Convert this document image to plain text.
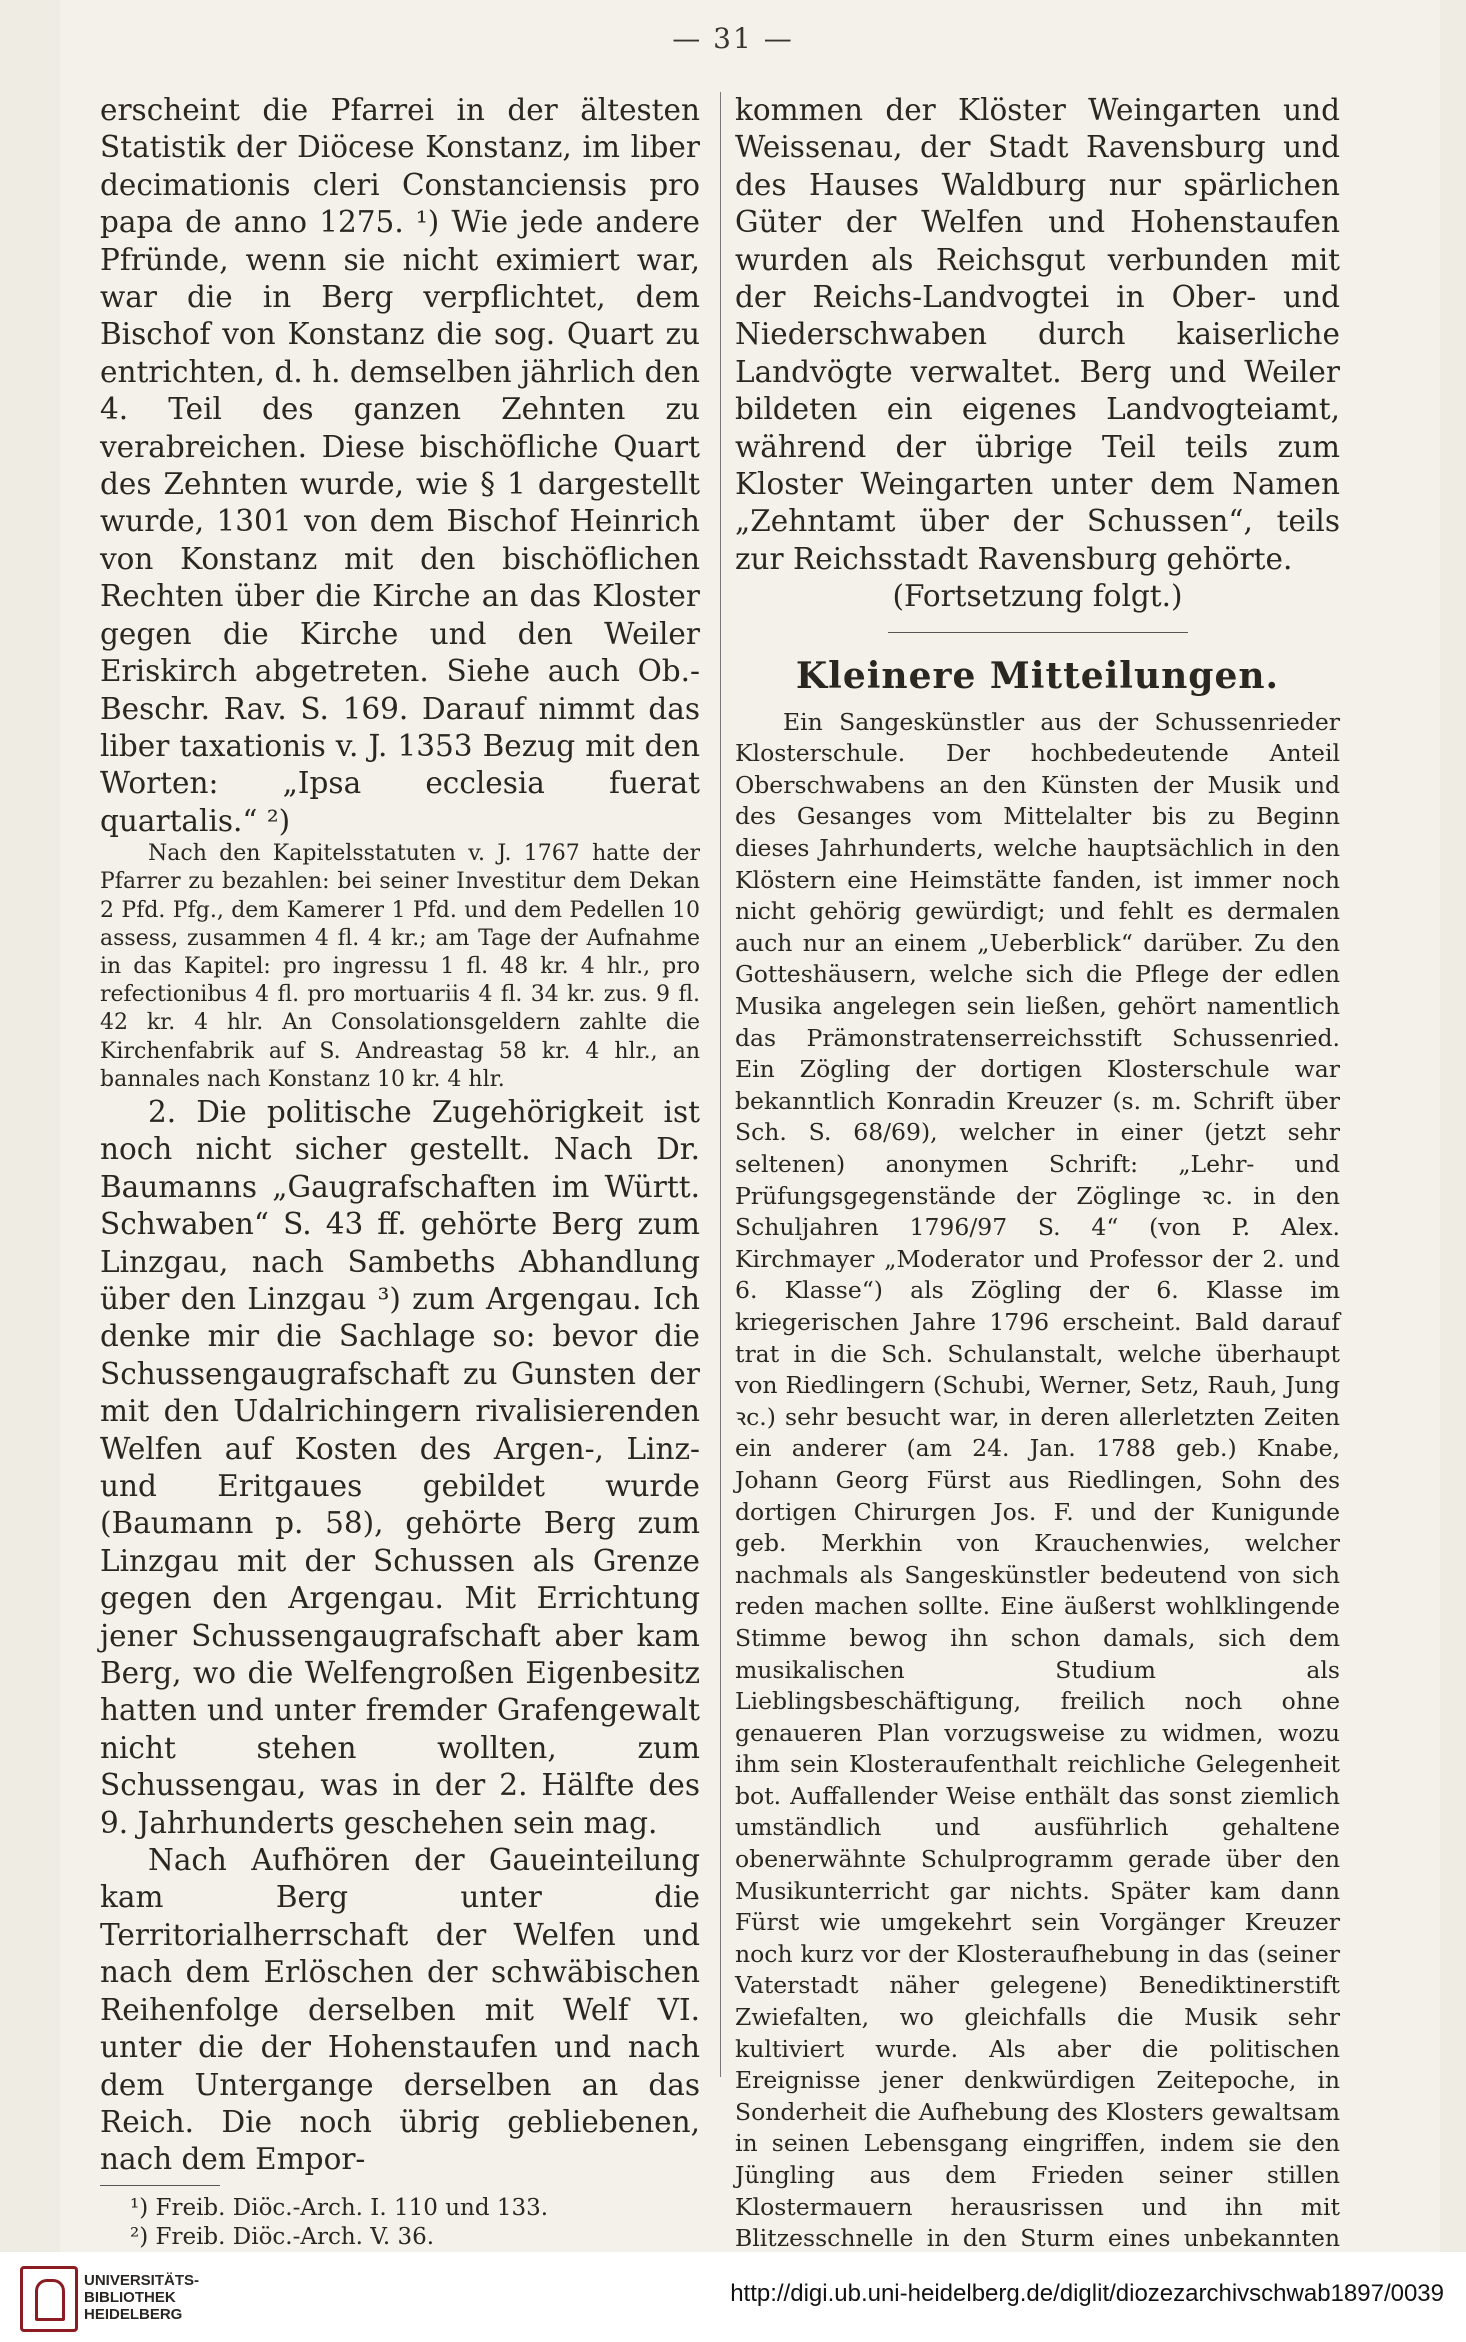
— 31 —

erscheint die Pfarrei in der ältesten Statistik der Diöcese Konstanz, im liber decimationis cleri Constanciensis pro papa de anno 1275. ¹) Wie jede andere Pfründe, wenn sie nicht eximiert war, war die in Berg verpflichtet, dem Bischof von Konstanz die sog. Quart zu entrichten, d. h. demselben jährlich den 4. Teil des ganzen Zehnten zu verabreichen. Diese bischöfliche Quart des Zehnten wurde, wie § 1 dargestellt wurde, 1301 von dem Bischof Heinrich von Konstanz mit den bischöflichen Rechten über die Kirche an das Kloster gegen die Kirche und den Weiler Eriskirch abgetreten. Siehe auch Ob.-Beschr. Rav. S. 169. Darauf nimmt das liber taxationis v. J. 1353 Bezug mit den Worten: „Ipsa ecclesia fuerat quartalis.“ ²)

Nach den Kapitelsstatuten v. J. 1767 hatte der Pfarrer zu bezahlen: bei seiner Investitur dem Dekan 2 Pfd. Pfg., dem Kamerer 1 Pfd. und dem Pedellen 10 assess, zusammen 4 fl. 4 kr.; am Tage der Aufnahme in das Kapitel: pro ingressu 1 fl. 48 kr. 4 hlr., pro refectionibus 4 fl. pro mortuariis 4 fl. 34 kr. zus. 9 fl. 42 kr. 4 hlr. An Consolationsgeldern zahlte die Kirchenfabrik auf S. Andreastag 58 kr. 4 hlr., an bannales nach Konstanz 10 kr. 4 hlr.

2. Die politische Zugehörigkeit ist noch nicht sicher gestellt. Nach Dr. Baumanns „Gaugrafschaften im Württ. Schwaben“ S. 43 ff. gehörte Berg zum Linzgau, nach Sambeths Abhandlung über den Linzgau ³) zum Argengau. Ich denke mir die Sachlage so: bevor die Schussengaugrafschaft zu Gunsten der mit den Udalrichingern rivalisierenden Welfen auf Kosten des Argen-, Linz- und Eritgaues gebildet wurde (Baumann p. 58), gehörte Berg zum Linzgau mit der Schussen als Grenze gegen den Argengau. Mit Errichtung jener Schussengaugrafschaft aber kam Berg, wo die Welfengroßen Eigenbesitz hatten und unter fremder Grafengewalt nicht stehen wollten, zum Schussengau, was in der 2. Hälfte des 9. Jahrhunderts geschehen sein mag.

Nach Aufhören der Gaueinteilung kam Berg unter die Territorialherrschaft der Welfen und nach dem Erlöschen der schwäbischen Reihenfolge derselben mit Welf VI. unter die der Hohenstaufen und nach dem Untergange derselben an das Reich. Die noch übrig gebliebenen, nach dem Empor-

¹) Freib. Diöc.-Arch. I. 110 und 133.
²) Freib. Diöc.-Arch. V. 36.

kommen der Klöster Weingarten und Weissenau, der Stadt Ravensburg und des Hauses Waldburg nur spärlichen Güter der Welfen und Hohenstaufen wurden als Reichsgut verbunden mit der Reichs-Landvogtei in Ober- und Niederschwaben durch kaiserliche Landvögte verwaltet. Berg und Weiler bildeten ein eigenes Landvogteiamt, während der übrige Teil teils zum Kloster Weingarten unter dem Namen „Zehntamt über der Schussen“, teils zur Reichsstadt Ravensburg gehörte.

(Fortsetzung folgt.)

Kleinere Mitteilungen.

Ein Sangeskünstler aus der Schussenrieder Klosterschule. Der hochbedeutende Anteil Oberschwabens an den Künsten der Musik und des Gesanges vom Mittelalter bis zu Beginn dieses Jahrhunderts, welche hauptsächlich in den Klöstern eine Heimstätte fanden, ist immer noch nicht gehörig gewürdigt; und fehlt es dermalen auch nur an einem „Ueberblick“ darüber. Zu den Gotteshäusern, welche sich die Pflege der edlen Musika angelegen sein ließen, gehört namentlich das Prämonstratenserreichsstift Schussenried. Ein Zögling der dortigen Klosterschule war bekanntlich Konradin Kreuzer (s. m. Schrift über Sch. S. 68/69), welcher in einer (jetzt sehr seltenen) anonymen Schrift: „Lehr- und Prüfungsgegenstände der Zöglinge ꝛc. in den Schuljahren 1796/97 S. 4“ (von P. Alex. Kirchmayer „Moderator und Professor der 2. und 6. Klasse“) als Zögling der 6. Klasse im kriegerischen Jahre 1796 erscheint. Bald darauf trat in die Sch. Schulanstalt, welche überhaupt von Riedlingern (Schubi, Werner, Setz, Rauh, Jung ꝛc.) sehr besucht war, in deren allerletzten Zeiten ein anderer (am 24. Jan. 1788 geb.) Knabe, Johann Georg Fürst aus Riedlingen, Sohn des dortigen Chirurgen Jos. F. und der Kunigunde geb. Merkhin von Krauchenwies, welcher nachmals als Sangeskünstler bedeutend von sich reden machen sollte. Eine äußerst wohlklingende Stimme bewog ihn schon damals, sich dem musikalischen Studium als Lieblingsbeschäftigung, freilich noch ohne genaueren Plan vorzugsweise zu widmen, wozu ihm sein Klosteraufenthalt reichliche Gelegenheit bot. Auffallender Weise enthält das sonst ziemlich umständlich und ausführlich gehaltene obenerwähnte Schulprogramm gerade über den Musikunterricht gar nichts. Später kam dann Fürst wie umgekehrt sein Vorgänger Kreuzer noch kurz vor der Klosteraufhebung in das (seiner Vaterstadt näher gelegene) Benediktinerstift Zwiefalten, wo gleichfalls die Musik sehr kultiviert wurde. Als aber die politischen Ereignisse jener denkwürdigen Zeitepoche, in Sonderheit die Aufhebung des Klosters gewaltsam in seinen Lebensgang eingriffen, indem sie den Jüngling aus dem Frieden seiner stillen Klostermauern herausrissen und ihn mit Blitzesschnelle in den Sturm eines unbekannten

UNIVERSITÄTS-
BIBLIOTHEK
HEIDELBERG
http://digi.ub.uni-heidelberg.de/diglit/diozezarchivschwab1897/0039
